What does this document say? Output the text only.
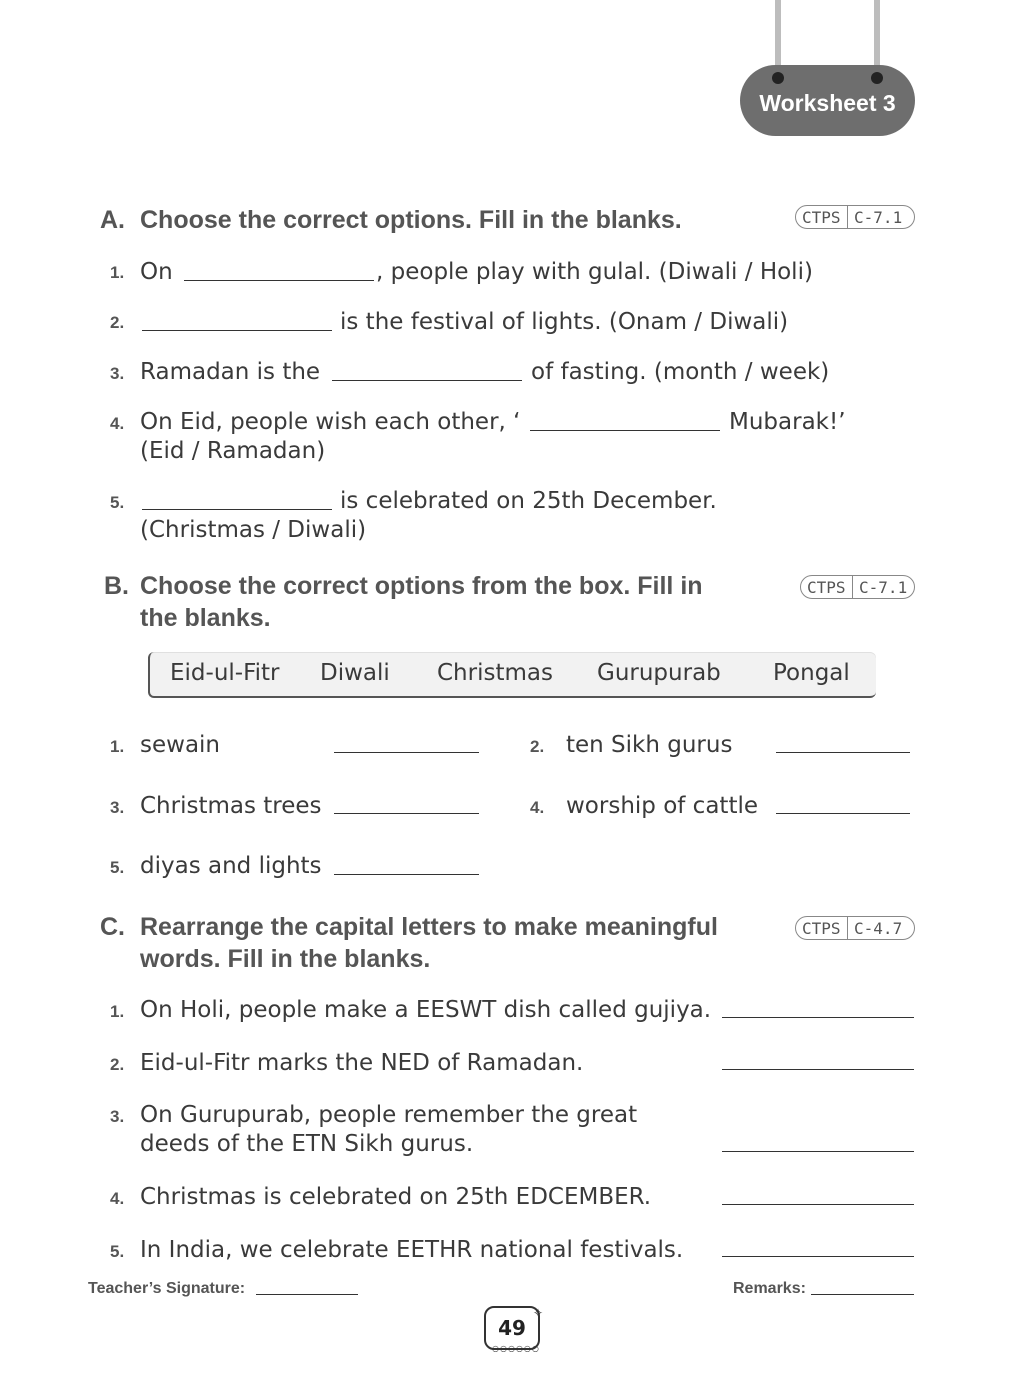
Worksheet 3
A. Choose the correct options. Fill in the blanks.	CTPS C-7.1
1. On	, people play with gulal. (Diwali / Holi)
2.	is the festival of lights. (Onam / Diwali)
3. Ramadan is the	of fasting. (month / week)
4. On Eid, people wish each other, ‘	Mubarak!’
(Eid / Ramadan)
5.	is celebrated on 25th December.
(Christmas / Diwali)
B. Choose the correct options from the box. Fill in
the blanks.
CTPS C-7.1
Eid-ul-Fitr Diwali Christmas Gurupurab Pongal
1. sewain	2. ten Sikh gurus
3. Christmas trees	4. worship of cattle
5. diyas and lights
C. Rearrange the capital letters to make meaningful
words. Fill in the blanks.
CTPS C-4.7
1. On Holi, people make a EESWT dish called gujiya.
2. Eid-ul-Fitr marks the NED of Ramadan.
3. On Gurupurab, people remember the great
deeds of the ETN Sikh gurus.
4. Christmas is celebrated on 25th EDCEMBER.
5. In India, we celebrate EETHR national festivals.
Teacher’s Signature:	Remarks:
49
○○○○○○
✧
